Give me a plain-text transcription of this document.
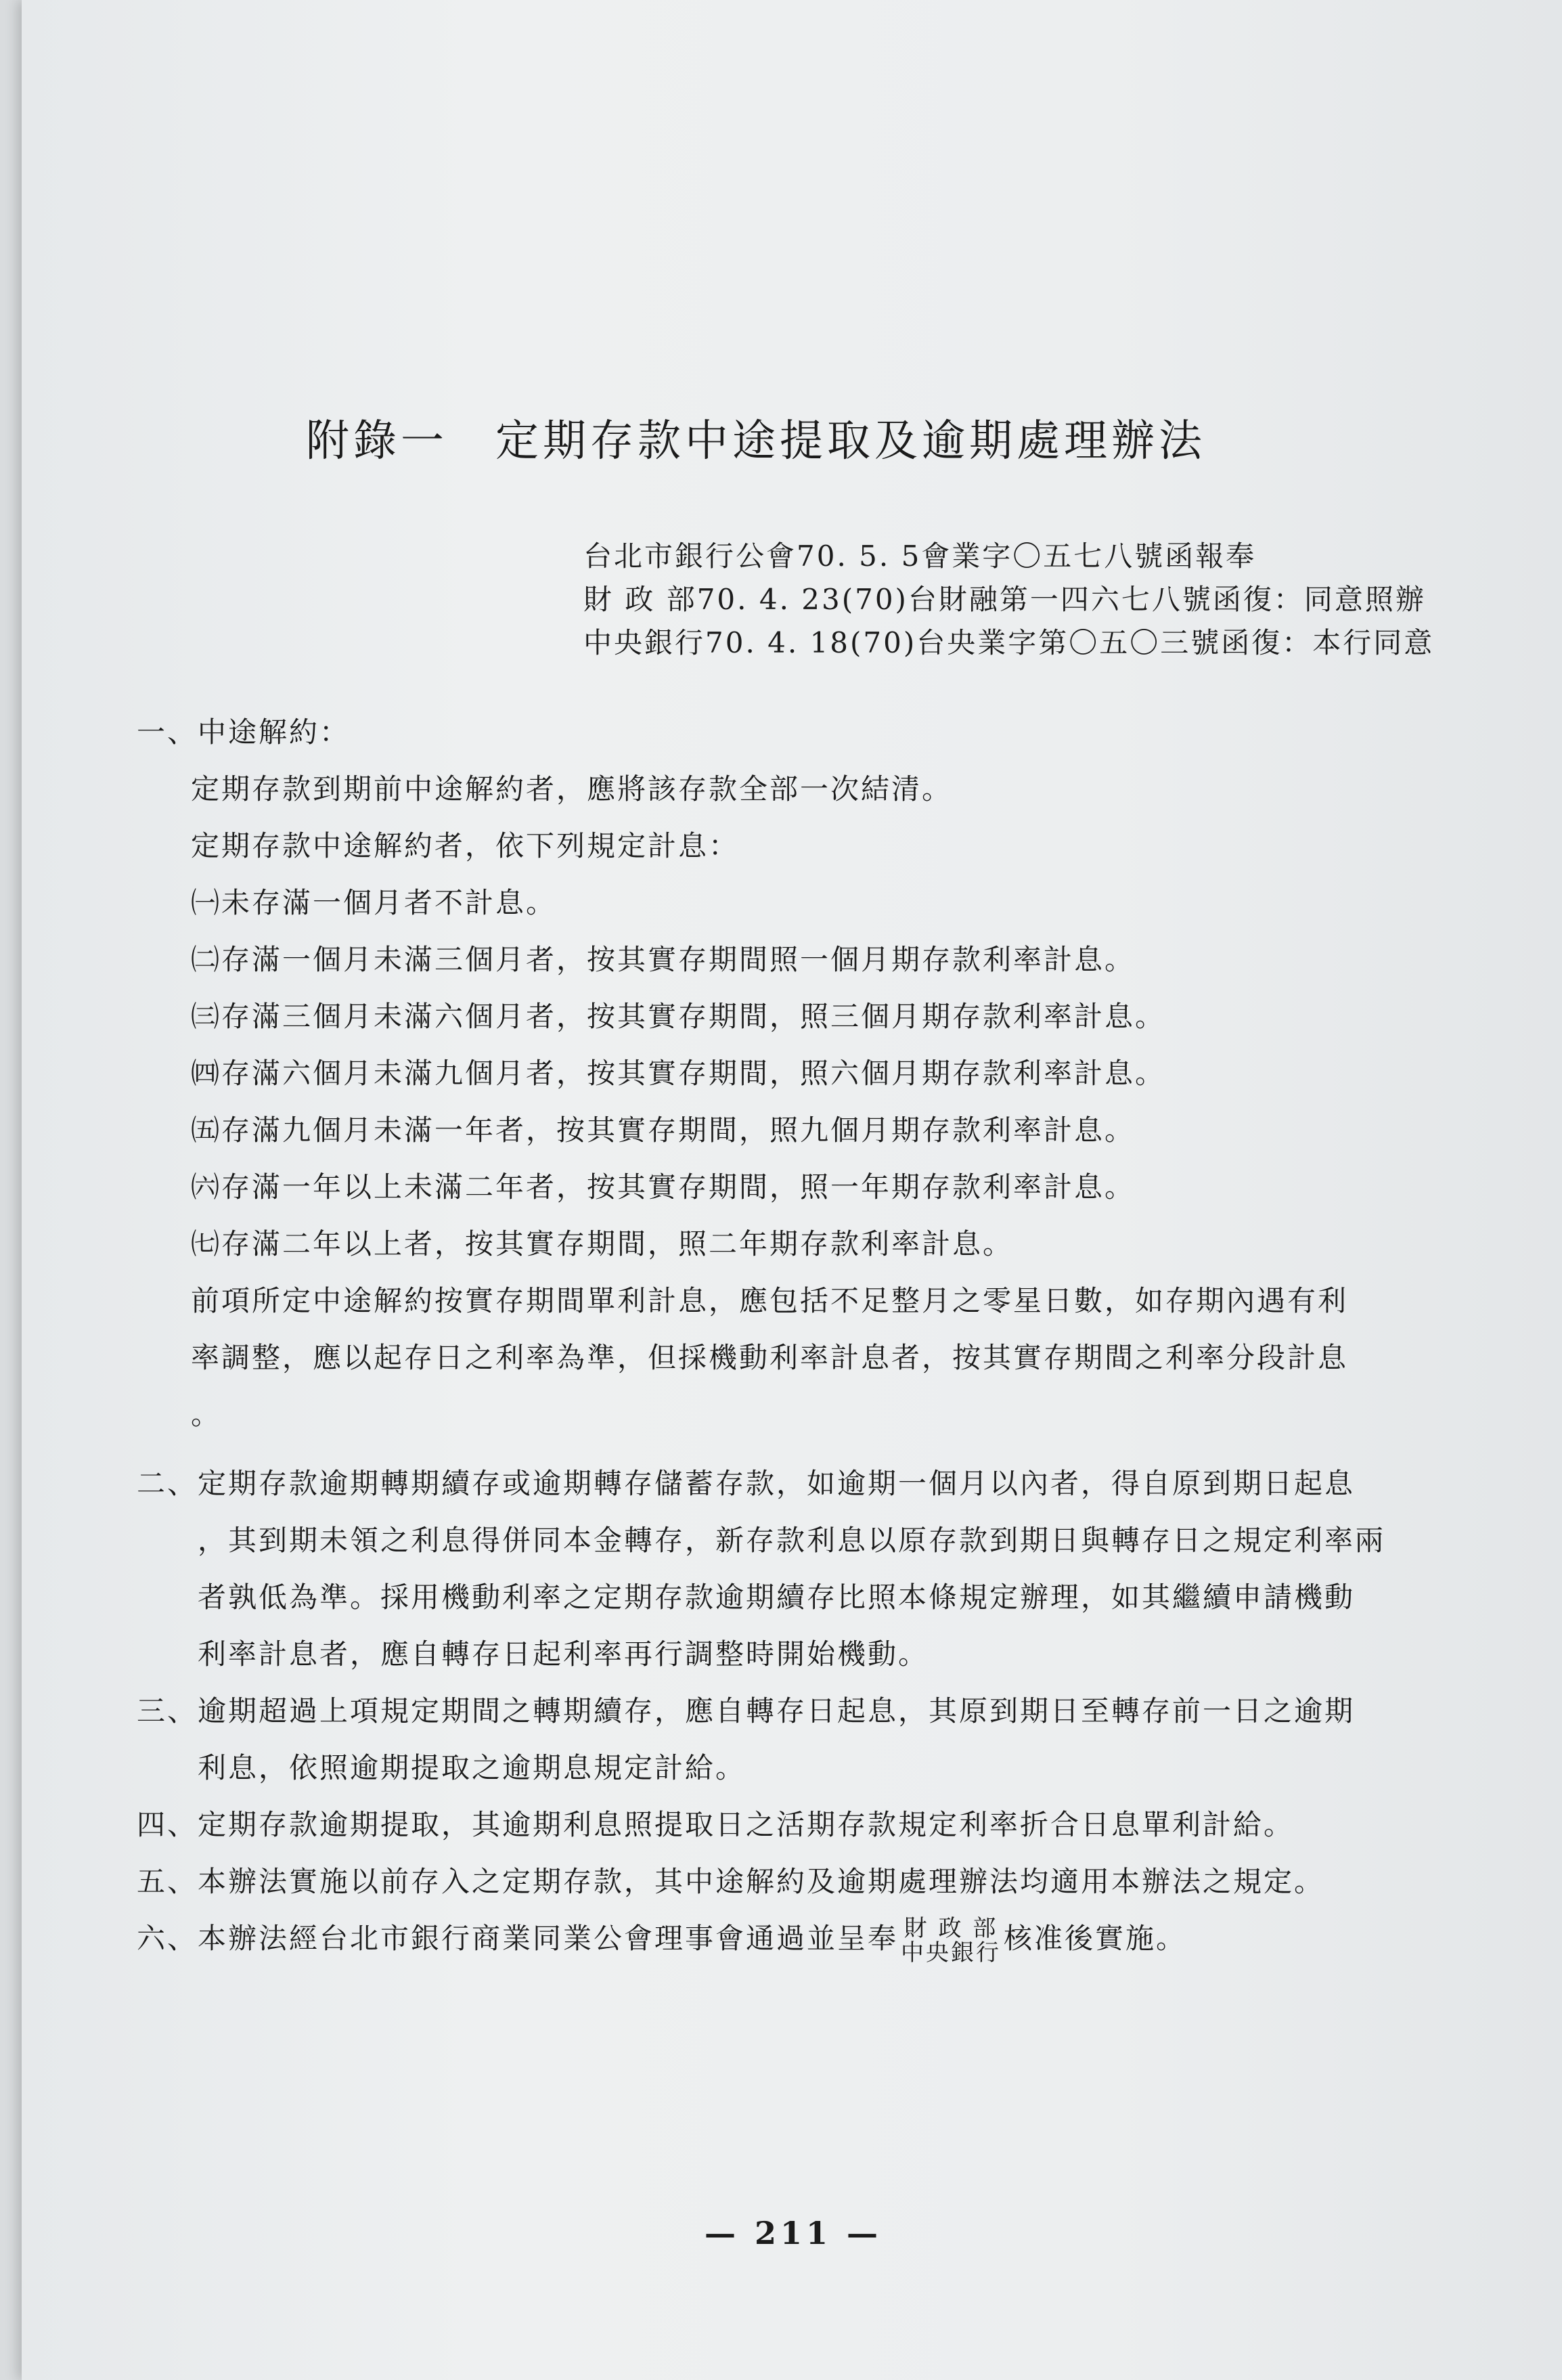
附錄一 定期存款中途提取及逾期處理辦法
台北市銀行公會70. 5. 5會業字〇五七八號函報奉
財 政 部70. 4. 23(70)台財融第一四六七八號函復：同意照辦
中央銀行70. 4. 18(70)台央業字第〇五〇三號函復：本行同意
一、中途解約：
定期存款到期前中途解約者，應將該存款全部一次結清。
定期存款中途解約者，依下列規定計息：
㈠未存滿一個月者不計息。
㈡存滿一個月未滿三個月者，按其實存期間照一個月期存款利率計息。
㈢存滿三個月未滿六個月者，按其實存期間，照三個月期存款利率計息。
㈣存滿六個月未滿九個月者，按其實存期間，照六個月期存款利率計息。
㈤存滿九個月未滿一年者，按其實存期間，照九個月期存款利率計息。
㈥存滿一年以上未滿二年者，按其實存期間，照一年期存款利率計息。
㈦存滿二年以上者，按其實存期間，照二年期存款利率計息。
前項所定中途解約按實存期間單利計息，應包括不足整月之零星日數，如存期內遇有利
率調整，應以起存日之利率為準，但採機動利率計息者，按其實存期間之利率分段計息
。
二、 定期存款逾期轉期續存或逾期轉存儲蓄存款，如逾期一個月以內者，得自原到期日起息
，其到期未領之利息得併同本金轉存，新存款利息以原存款到期日與轉存日之規定利率兩
者孰低為準。採用機動利率之定期存款逾期續存比照本條規定辦理，如其繼續申請機動
利率計息者，應自轉存日起利率再行調整時開始機動。
三、 逾期超過上項規定期間之轉期續存，應自轉存日起息，其原到期日至轉存前一日之逾期
利息，依照逾期提取之逾期息規定計給。
四、 定期存款逾期提取，其逾期利息照提取日之活期存款規定利率折合日息單利計給。
五、 本辦法實施以前存入之定期存款，其中途解約及逾期處理辦法均適用本辦法之規定。
六、 本辦法經台北市銀行商業同業公會理事會通過並呈奉 財 政 部
中央銀行 核准後實施。
— 211 —
